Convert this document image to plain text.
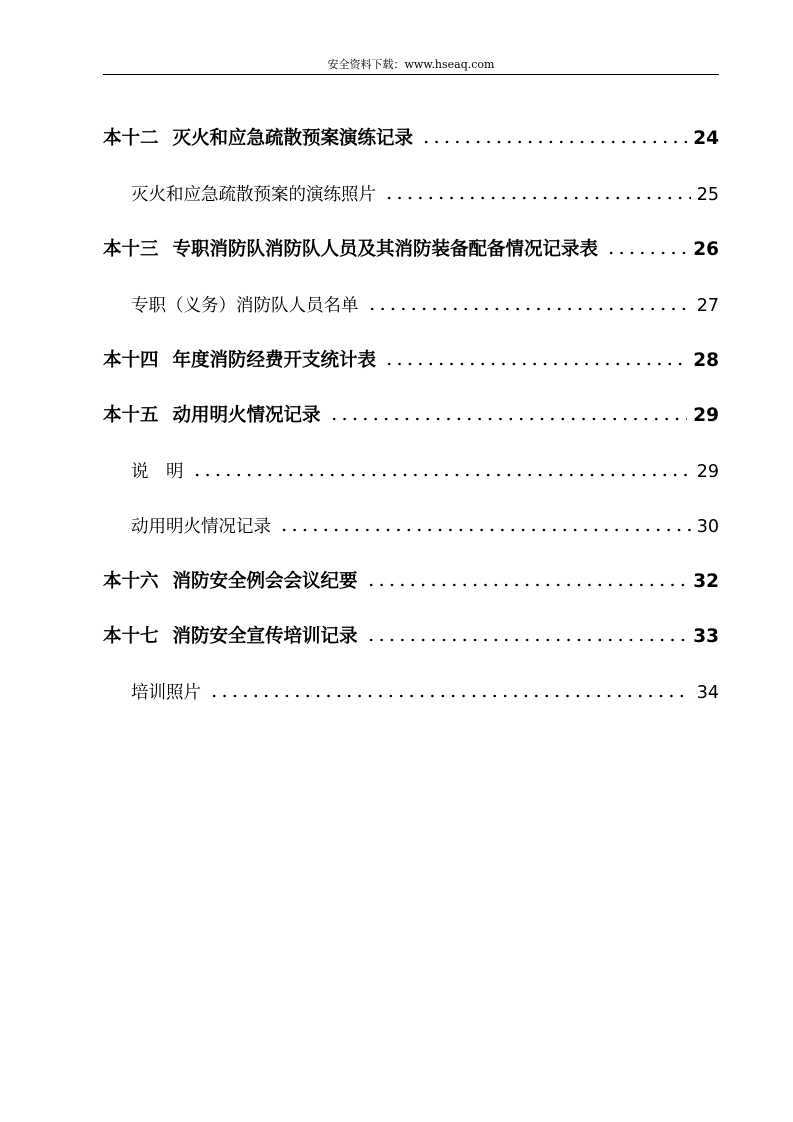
安全资料下载：www.hseaq.com
本十二 灭火和应急疏散预案演练记录	24
灭火和应急疏散预案的演练照片	25
本十三 专职消防队消防队人员及其消防装备配备情况记录表	26
专职（义务）消防队人员名单	27
本十四 年度消防经费开支统计表	28
本十五 动用明火情况记录	29
说　明	29
动用明火情况记录	30
本十六 消防安全例会会议纪要	32
本十七 消防安全宣传培训记录	33
培训照片	34
